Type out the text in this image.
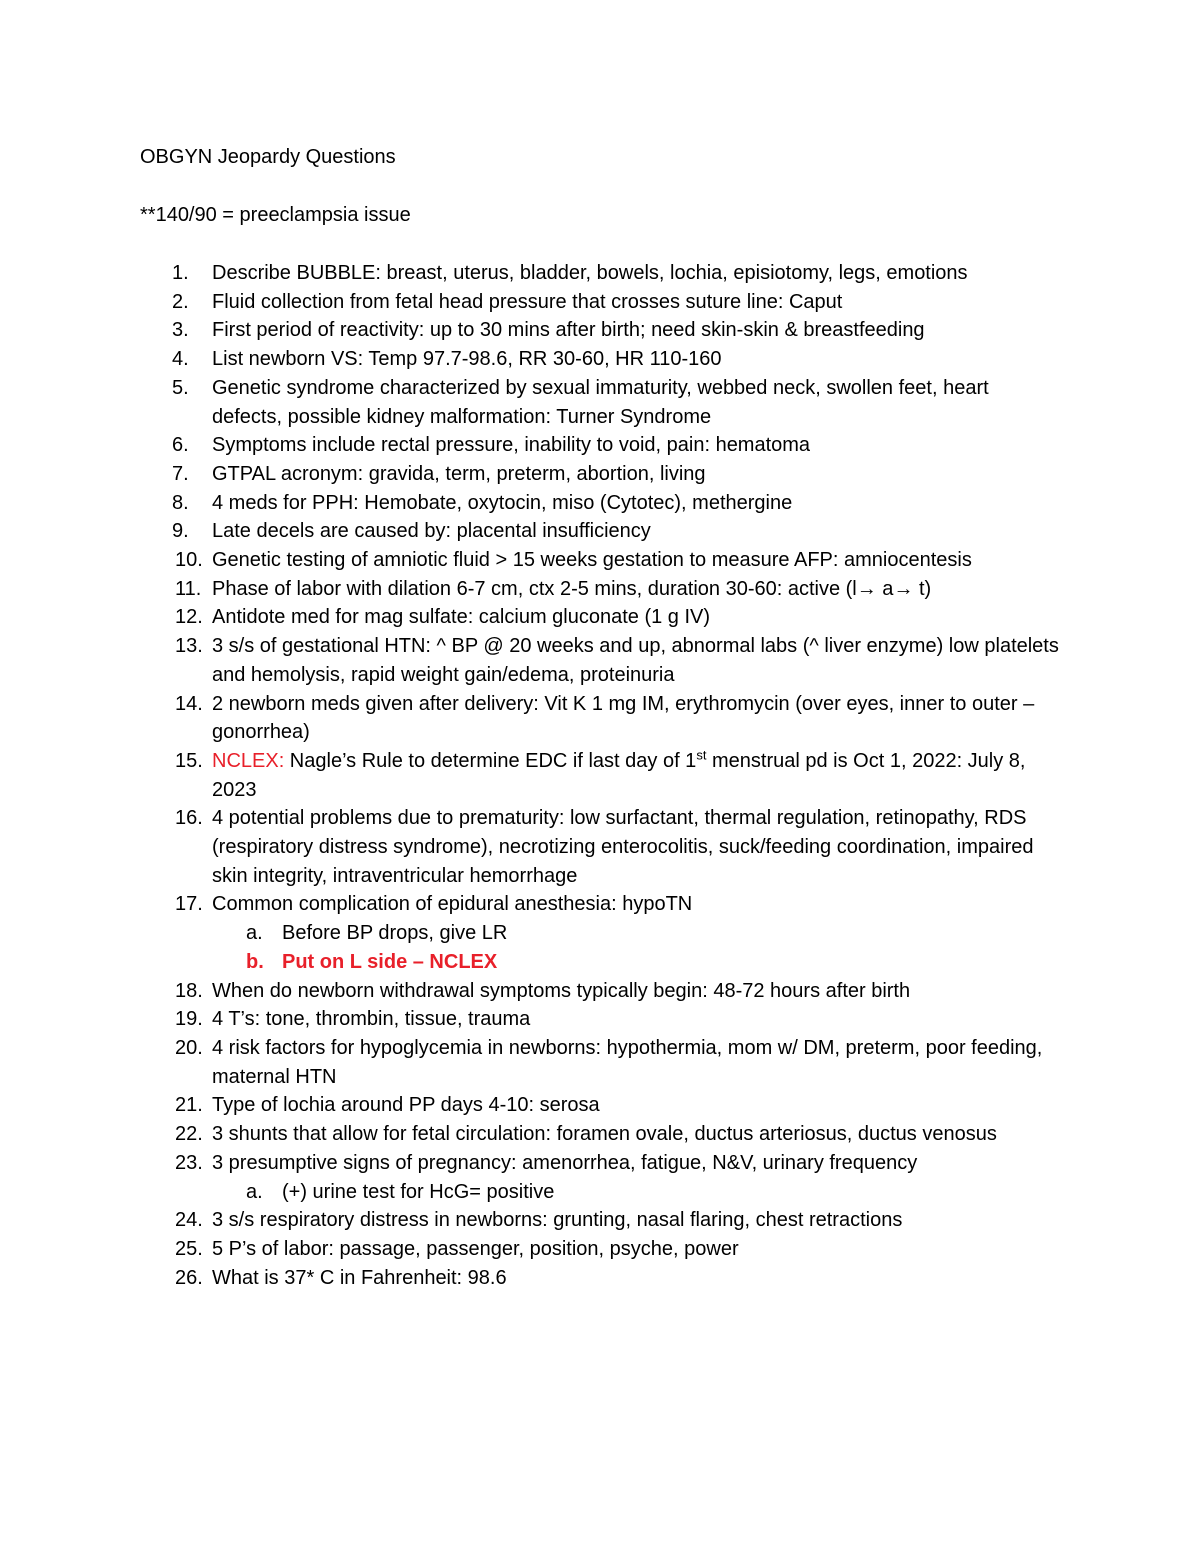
OBGYN Jeopardy Questions
**140/90 = preeclampsia issue
1.	Describe BUBBLE: breast, uterus, bladder, bowels, lochia, episiotomy, legs, emotions
2.	Fluid collection from fetal head pressure that crosses suture line: Caput
3.	First period of reactivity: up to 30 mins after birth; need skin-skin & breastfeeding
4.	List newborn VS: Temp 97.7-98.6, RR 30-60, HR 110-160
5.	Genetic syndrome characterized by sexual immaturity, webbed neck, swollen feet, heart defects, possible kidney malformation: Turner Syndrome
6.	Symptoms include rectal pressure, inability to void, pain: hematoma
7.	GTPAL acronym: gravida, term, preterm, abortion, living
8.	4 meds for PPH: Hemobate, oxytocin, miso (Cytotec), methergine
9.	Late decels are caused by: placental insufficiency
10. Genetic testing of amniotic fluid > 15 weeks gestation to measure AFP: amniocentesis
11. Phase of labor with dilation 6-7 cm, ctx 2-5 mins, duration 30-60: active (l→ a→ t)
12. Antidote med for mag sulfate: calcium gluconate (1 g IV)
13. 3 s/s of gestational HTN: ^ BP @ 20 weeks and up, abnormal labs (^ liver enzyme) low platelets and hemolysis, rapid weight gain/edema, proteinuria
14. 2 newborn meds given after delivery: Vit K 1 mg IM, erythromycin (over eyes, inner to outer – gonorrhea)
15. NCLEX: Nagle’s Rule to determine EDC if last day of 1st menstrual pd is Oct 1, 2022: July 8, 2023
16. 4 potential problems due to prematurity: low surfactant, thermal regulation, retinopathy, RDS (respiratory distress syndrome), necrotizing enterocolitis, suck/feeding coordination, impaired skin integrity, intraventricular hemorrhage
17. Common complication of epidural anesthesia: hypoTN
a. Before BP drops, give LR
b. Put on L side – NCLEX
18. When do newborn withdrawal symptoms typically begin: 48-72 hours after birth
19. 4 T’s: tone, thrombin, tissue, trauma
20. 4 risk factors for hypoglycemia in newborns: hypothermia, mom w/ DM, preterm, poor feeding, maternal HTN
21. Type of lochia around PP days 4-10: serosa
22. 3 shunts that allow for fetal circulation: foramen ovale, ductus arteriosus, ductus venosus
23. 3 presumptive signs of pregnancy: amenorrhea, fatigue, N&V, urinary frequency
a. (+) urine test for HcG= positive
24. 3 s/s respiratory distress in newborns: grunting, nasal flaring, chest retractions
25. 5 P’s of labor: passage, passenger, position, psyche, power
26. What is 37* C in Fahrenheit: 98.6
